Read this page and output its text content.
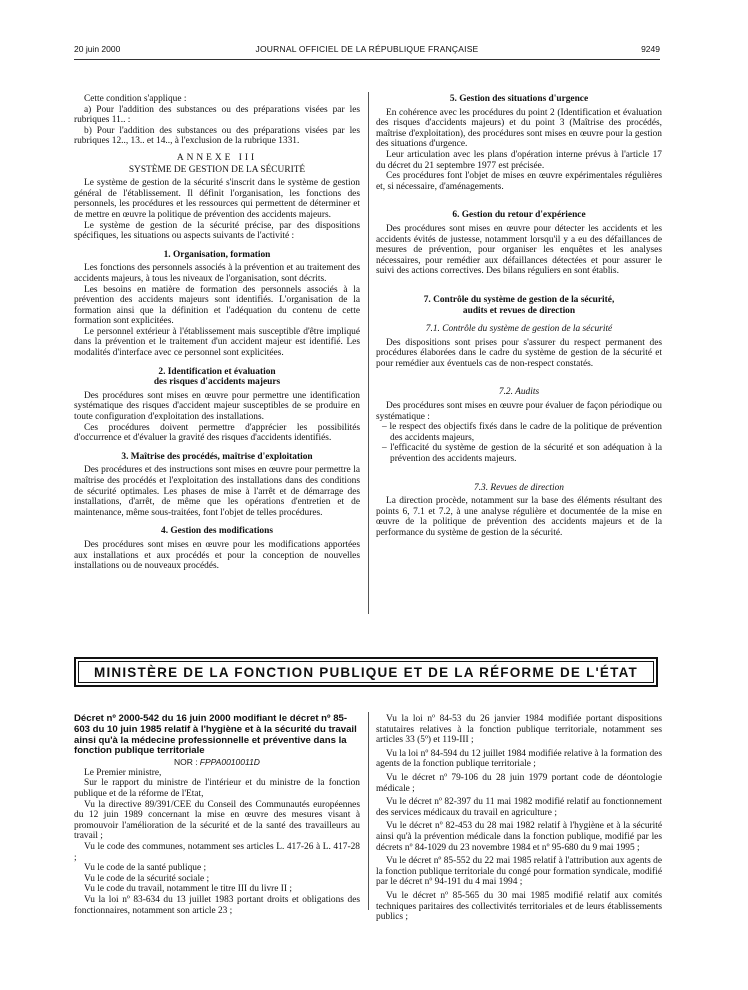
20 juin 2000	JOURNAL OFFICIEL DE LA RÉPUBLIQUE FRANÇAISE	9249

Cette condition s'applique :

a) Pour l'addition des substances ou des préparations visées par les rubriques 11.. :

b) Pour l'addition des substances ou des préparations visées par les rubriques 12.., 13.. et 14.., à l'exclusion de la rubrique 1331.

ANNEXE III

SYSTÈME DE GESTION DE LA SÉCURITÉ

Le système de gestion de la sécurité s'inscrit dans le système de gestion général de l'établissement. Il définit l'organisation, les fonctions des personnels, les procédures et les ressources qui permettent de déterminer et de mettre en œuvre la politique de prévention des accidents majeurs.

Le système de gestion de la sécurité précise, par des dispositions spécifiques, les situations ou aspects suivants de l'activité :

1. Organisation, formation

Les fonctions des personnels associés à la prévention et au traitement des accidents majeurs, à tous les niveaux de l'organisation, sont décrits.

Les besoins en matière de formation des personnels associés à la prévention des accidents majeurs sont identifiés. L'organisation de la formation ainsi que la définition et l'adéquation du contenu de cette formation sont explicitées.

Le personnel extérieur à l'établissement mais susceptible d'être impliqué dans la prévention et le traitement d'un accident majeur est identifié. Les modalités d'interface avec ce personnel sont explicitées.

2. Identification et évaluation

des risques d'accidents majeurs

Des procédures sont mises en œuvre pour permettre une identification systématique des risques d'accident majeur susceptibles de se produire en toute configuration d'exploitation des installations.

Ces procédures doivent permettre d'apprécier les possibilités d'occurrence et d'évaluer la gravité des risques d'accidents identifiés.

3. Maîtrise des procédés, maîtrise d'exploitation

Des procédures et des instructions sont mises en œuvre pour permettre la maîtrise des procédés et l'exploitation des installations dans des conditions de sécurité optimales. Les phases de mise à l'arrêt et de démarrage des installations, d'arrêt, de même que les opérations d'entretien et de maintenance, même sous-traitées, font l'objet de telles procédures.

4. Gestion des modifications

Des procédures sont mises en œuvre pour les modifications apportées aux installations et aux procédés et pour la conception de nouvelles installations ou de nouveaux procédés.

5. Gestion des situations d'urgence

En cohérence avec les procédures du point 2 (Identification et évaluation des risques d'accidents majeurs) et du point 3 (Maîtrise des procédés, maîtrise d'exploitation), des procédures sont mises en œuvre pour la gestion des situations d'urgence.

Leur articulation avec les plans d'opération interne prévus à l'article 17 du décret du 21 septembre 1977 est précisée.

Ces procédures font l'objet de mises en œuvre expérimentales régulières et, si nécessaire, d'aménagements.

6. Gestion du retour d'expérience

Des procédures sont mises en œuvre pour détecter les accidents et les accidents évités de justesse, notamment lorsqu'il y a eu des défaillances de mesures de prévention, pour organiser les enquêtes et les analyses nécessaires, pour remédier aux défaillances détectées et pour assurer le suivi des actions correctives. Des bilans réguliers en sont établis.

7. Contrôle du système de gestion de la sécurité,

audits et revues de direction

7.1. Contrôle du système de gestion de la sécurité

Des dispositions sont prises pour s'assurer du respect permanent des procédures élaborées dans le cadre du système de gestion de la sécurité et pour remédier aux éventuels cas de non-respect constatés.

7.2. Audits

Des procédures sont mises en œuvre pour évaluer de façon périodique ou systématique :

– le respect des objectifs fixés dans le cadre de la politique de prévention des accidents majeurs,

– l'efficacité du système de gestion de la sécurité et son adéquation à la prévention des accidents majeurs.

7.3. Revues de direction

La direction procède, notamment sur la base des éléments résultant des points 6, 7.1 et 7.2, à une analyse régulière et documentée de la mise en œuvre de la politique de prévention des accidents majeurs et de la performance du système de gestion de la sécurité.

MINISTÈRE DE LA FONCTION PUBLIQUE ET DE LA RÉFORME DE L'ÉTAT

Décret nº 2000-542 du 16 juin 2000 modifiant le décret nº 85-603 du 10 juin 1985 relatif à l'hygiène et à la sécurité du travail ainsi qu'à la médecine professionnelle et préventive dans la fonction publique territoriale

NOR : FPPA0010011D

Le Premier ministre,

Sur le rapport du ministre de l'intérieur et du ministre de la fonction publique et de la réforme de l'Etat,

Vu la directive 89/391/CEE du Conseil des Communautés européennes du 12 juin 1989 concernant la mise en œuvre des mesures visant à promouvoir l'amélioration de la sécurité et de la santé des travailleurs au travail ;

Vu le code des communes, notamment ses articles L. 417-26 à L. 417-28 ;

Vu le code de la santé publique ;

Vu le code de la sécurité sociale ;

Vu le code du travail, notamment le titre III du livre II ;

Vu la loi nº 83-634 du 13 juillet 1983 portant droits et obligations des fonctionnaires, notamment son article 23 ;

Vu la loi nº 84-53 du 26 janvier 1984 modifiée portant dispositions statutaires relatives à la fonction publique territoriale, notamment ses articles 33 (5º) et 119-III ;

Vu la loi nº 84-594 du 12 juillet 1984 modifiée relative à la formation des agents de la fonction publique territoriale ;

Vu le décret nº 79-106 du 28 juin 1979 portant code de déontologie médicale ;

Vu le décret nº 82-397 du 11 mai 1982 modifié relatif au fonctionnement des services médicaux du travail en agriculture ;

Vu le décret nº 82-453 du 28 mai 1982 relatif à l'hygiène et à la sécurité ainsi qu'à la prévention médicale dans la fonction publique, modifié par les décrets nº 84-1029 du 23 novembre 1984 et nº 95-680 du 9 mai 1995 ;

Vu le décret nº 85-552 du 22 mai 1985 relatif à l'attribution aux agents de la fonction publique territoriale du congé pour formation syndicale, modifié par le décret nº 94-191 du 4 mai 1994 ;

Vu le décret nº 85-565 du 30 mai 1985 modifié relatif aux comités techniques paritaires des collectivités territoriales et de leurs établissements publics ;
